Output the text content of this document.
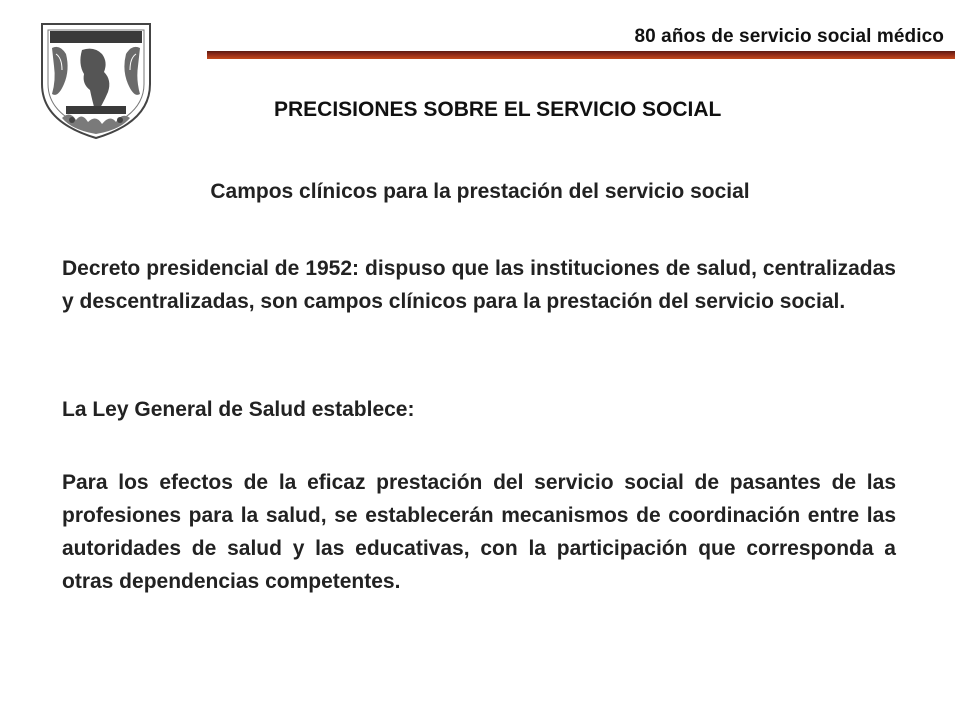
80 años de servicio social médico
PRECISIONES SOBRE EL SERVICIO SOCIAL
Campos clínicos para la prestación del servicio social
Decreto presidencial de 1952: dispuso que las instituciones de salud, centralizadas y descentralizadas, son campos clínicos para la prestación del servicio social.
La Ley General de Salud establece:
Para los efectos de la eficaz prestación del servicio social de pasantes de las profesiones para la salud, se establecerán mecanismos de coordinación entre las autoridades de salud y las educativas, con la participación que corresponda a otras dependencias competentes.
